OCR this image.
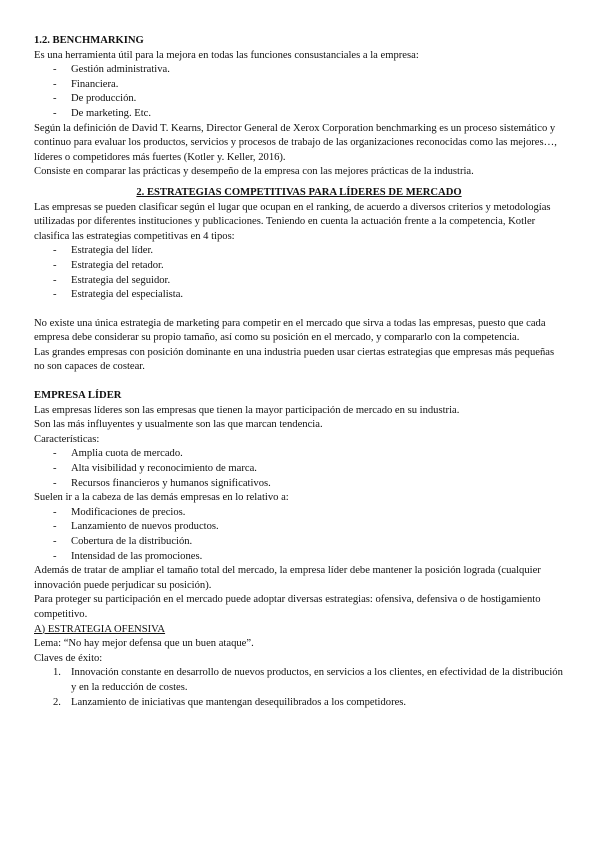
1.2. BENCHMARKING

Es una herramienta útil para la mejora en todas las funciones consustanciales a la empresa:

- Gestión administrativa.
- Financiera.
- De producción.
- De marketing. Etc.

Según la definición de David T. Kearns, Director General de Xerox Corporation benchmarking es un proceso sistemático y continuo para evaluar los productos, servicios y procesos de trabajo de las organizaciones reconocidas como las mejores…, líderes o competidores más fuertes (Kotler y. Keller, 2016).

Consiste en comparar las prácticas y desempeño de la empresa con las mejores prácticas de la industria.

2. ESTRATEGIAS COMPETITIVAS PARA LÍDERES DE MERCADO

Las empresas se pueden clasificar según el lugar que ocupan en el ranking, de acuerdo a diversos criterios y metodologías utilizadas por diferentes instituciones y publicaciones. Teniendo en cuenta la actuación frente a la competencia, Kotler clasifica las estrategias competitivas en 4 tipos:

- Estrategia del líder.
- Estrategia del retador.
- Estrategia del seguidor.
- Estrategia del especialista.

No existe una única estrategia de marketing para competir en el mercado que sirva a todas las empresas, puesto que cada empresa debe considerar su propio tamaño, así como su posición en el mercado, y compararlo con la competencia.

Las grandes empresas con posición dominante en una industria pueden usar ciertas estrategias que empresas más pequeñas no son capaces de costear.

EMPRESA LÍDER

Las empresas líderes son las empresas que tienen la mayor participación de mercado en su industria.

Son las más influyentes y usualmente son las que marcan tendencia.

Características:

- Amplia cuota de mercado.
- Alta visibilidad y reconocimiento de marca.
- Recursos financieros y humanos significativos.

Suelen ir a la cabeza de las demás empresas en lo relativo a:

- Modificaciones de precios.
- Lanzamiento de nuevos productos.
- Cobertura de la distribución.
- Intensidad de las promociones.

Además de tratar de ampliar el tamaño total del mercado, la empresa líder debe mantener la posición lograda (cualquier innovación puede perjudicar su posición).

Para proteger su participación en el mercado puede adoptar diversas estrategias: ofensiva, defensiva o de hostigamiento competitivo.

A) ESTRATEGIA OFENSIVA

Lema: “No hay mejor defensa que un buen ataque”.

Claves de éxito:

1. Innovación constante en desarrollo de nuevos productos, en servicios a los clientes, en efectividad de la distribución y en la reducción de costes.
2. Lanzamiento de iniciativas que mantengan desequilibrados a los competidores.
